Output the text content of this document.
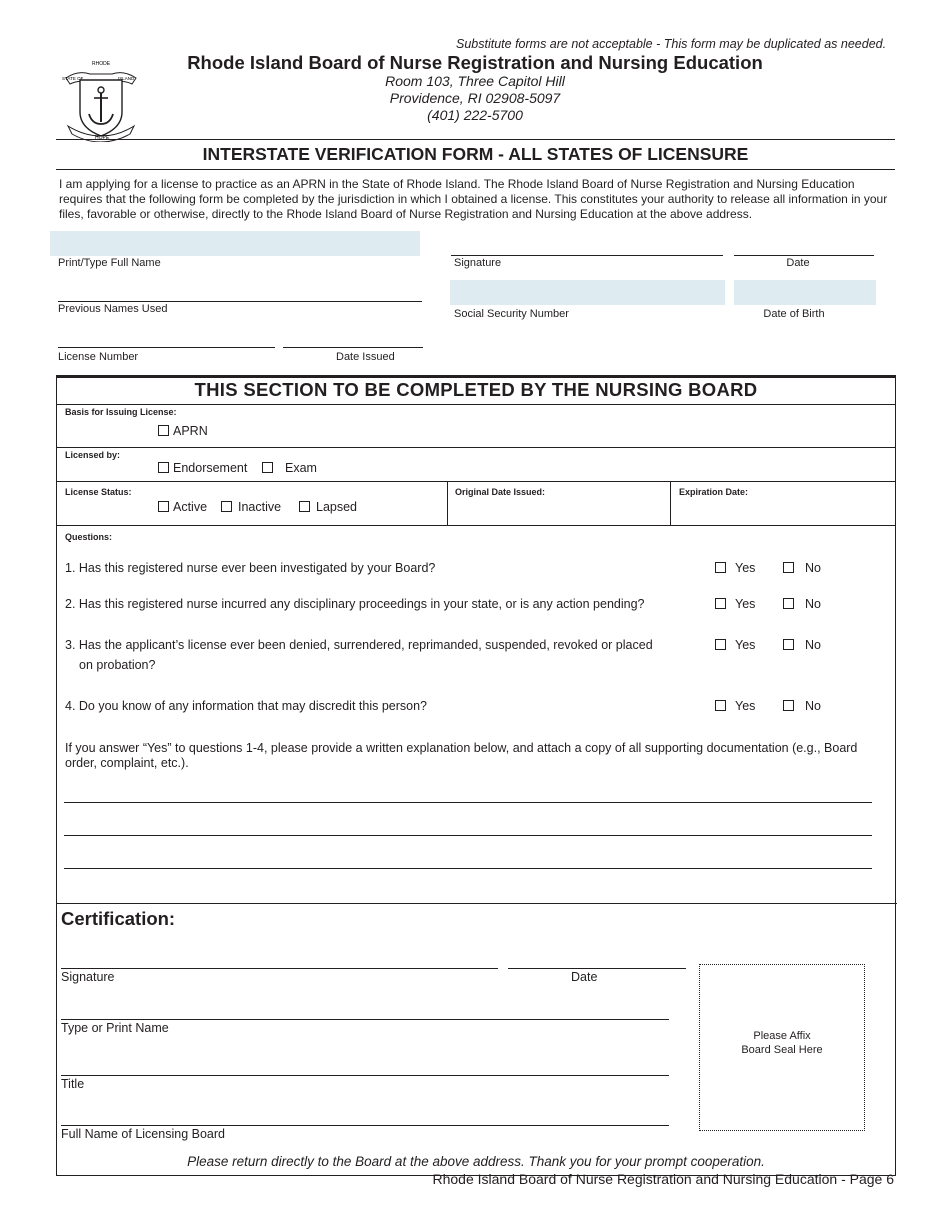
RHODE
STATE OF	ISLAND
HOPE
Substitute forms are not acceptable - This form may be duplicated as needed.
Rhode Island Board of Nurse Registration and Nursing Education
Room 103, Three Capitol Hill
Providence, RI 02908-5097
(401) 222-5700
INTERSTATE VERIFICATION FORM - ALL STATES OF LICENSURE
I am applying for a license to practice as an APRN in the State of Rhode Island. The Rhode Island Board of Nurse Registration and Nursing Education requires that the following form be completed by the jurisdiction in which I obtained a license. This constitutes your authority to release all information in your files, favorable or otherwise, directly to the Rhode Island Board of Nurse Registration and Nursing Education at the above address.
Print/Type Full Name	Signature	Date
Previous Names Used	Social Security Number	Date of Birth
License Number	Date Issued
THIS SECTION TO BE COMPLETED BY THE NURSING BOARD
Basis for Issuing License:
APRN
Licensed by:
Endorsement	Exam
License Status:
Active	Inactive	Lapsed
Original Date Issued:	Expiration Date:
Questions:
1. Has this registered nurse ever been investigated by your Board?	Yes	No
2. Has this registered nurse incurred any disciplinary proceedings in your state, or is any action pending?	Yes	No
3. Has the applicant’s license ever been denied, surrendered, reprimanded, suspended, revoked or placed
on probation?
Yes	No
4. Do you know of any information that may discredit this person?	Yes	No
If you answer “Yes” to questions 1-4, please provide a written explanation below, and attach a copy of all supporting documentation (e.g., Board order, complaint, etc.).
Certification:
Signature	Date
Type or Print Name
Title
Full Name of Licensing Board
Please Affix
Board Seal Here
Please return directly to the Board at the above address. Thank you for your prompt cooperation.
Rhode Island Board of Nurse Registration and Nursing Education - Page 6
